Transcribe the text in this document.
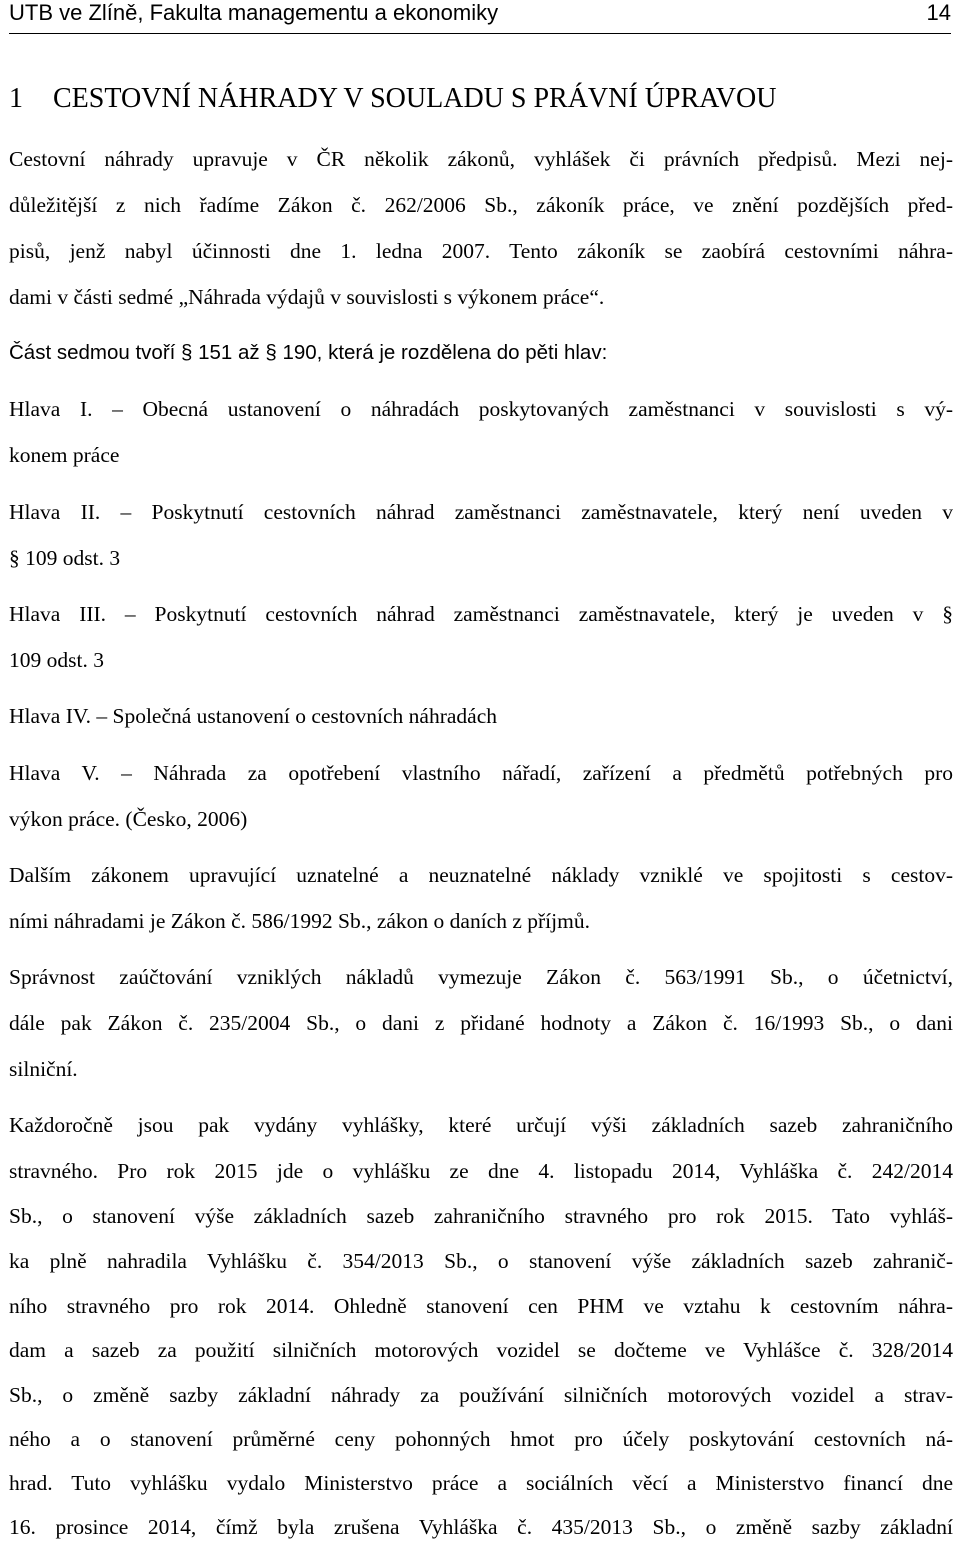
UTB ve Zlíně, Fakulta managementu a ekonomiky	14
1 CESTOVNÍ NÁHRADY V SOULADU S PRÁVNÍ ÚPRAVOU
Cestovní náhrady upravuje v ČR několik zákonů, vyhlášek či právních předpisů. Mezi nej-
důležitější z nich řadíme Zákon č. 262/2006 Sb., zákoník práce, ve znění pozdějších před-
pisů, jenž nabyl účinnosti dne 1. ledna 2007. Tento zákoník se zaobírá cestovními náhra-
dami v části sedmé „Náhrada výdajů v souvislosti s výkonem práce“.
Část sedmou tvoří § 151 až § 190, která je rozdělena do pěti hlav:
Hlava I. – Obecná ustanovení o náhradách poskytovaných zaměstnanci v souvislosti s vý-
konem práce
Hlava II. – Poskytnutí cestovních náhrad zaměstnanci zaměstnavatele, který není uveden v
§ 109 odst. 3
Hlava III. – Poskytnutí cestovních náhrad zaměstnanci zaměstnavatele, který je uveden v §
109 odst. 3
Hlava IV. – Společná ustanovení o cestovních náhradách
Hlava V. – Náhrada za opotřebení vlastního nářadí, zařízení a předmětů potřebných pro
výkon práce. (Česko, 2006)
Dalším zákonem upravující uznatelné a neuznatelné náklady vzniklé ve spojitosti s cestov-
ními náhradami je Zákon č. 586/1992 Sb., zákon o daních z příjmů.
Správnost zaúčtování vzniklých nákladů vymezuje Zákon č. 563/1991 Sb., o účetnictví,
dále pak Zákon č. 235/2004 Sb., o dani z přidané hodnoty a Zákon č. 16/1993 Sb., o dani
silniční.
Každoročně jsou pak vydány vyhlášky, které určují výši základních sazeb zahraničního
stravného. Pro rok 2015 jde o vyhlášku ze dne 4. listopadu 2014, Vyhláška č. 242/2014
Sb., o stanovení výše základních sazeb zahraničního stravného pro rok 2015. Tato vyhláš-
ka plně nahradila Vyhlášku č. 354/2013 Sb., o stanovení výše základních sazeb zahranič-
ního stravného pro rok 2014. Ohledně stanovení cen PHM ve vztahu k cestovním náhra-
dam a sazeb za použití silničních motorových vozidel se dočteme ve Vyhlášce č. 328/2014
Sb., o změně sazby základní náhrady za používání silničních motorových vozidel a strav-
ného a o stanovení průměrné ceny pohonných hmot pro účely poskytování cestovních ná-
hrad. Tuto vyhlášku vydalo Ministerstvo práce a sociálních věcí a Ministerstvo financí dne
16. prosince 2014, čímž byla zrušena Vyhláška č. 435/2013 Sb., o změně sazby základní
